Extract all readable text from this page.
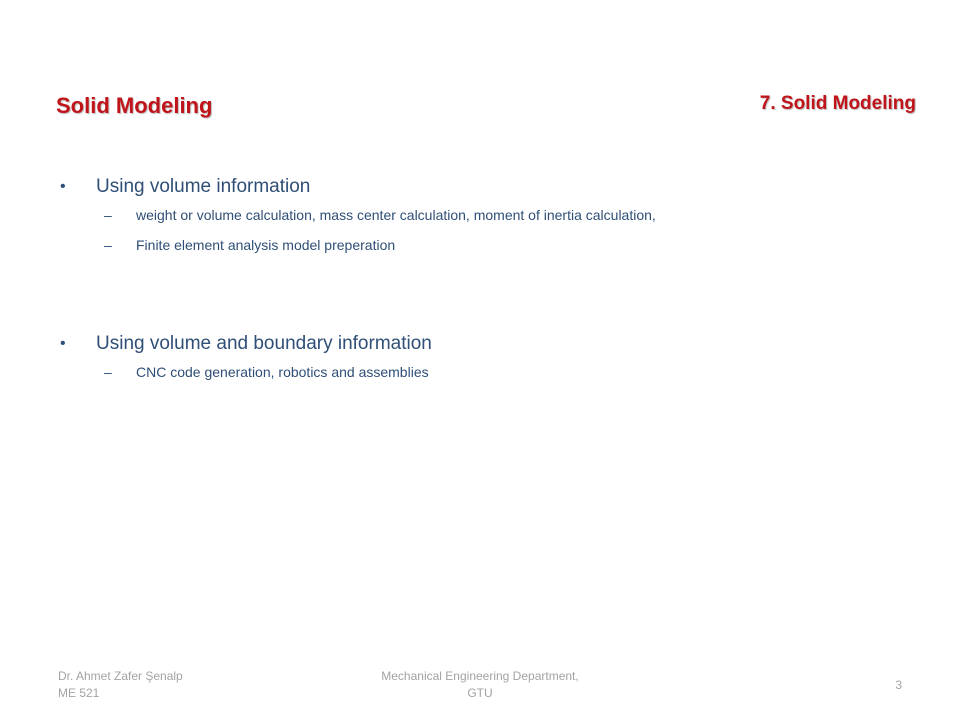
Solid Modeling	7. Solid Modeling
• Using volume information
– weight or volume calculation, mass center calculation, moment of inertia calculation,
– Finite element analysis model preperation
• Using volume and boundary information
– CNC code generation, robotics and assemblies
Dr. Ahmet Zafer Şenalp
ME 521
Mechanical Engineering Department,
GTU
3
